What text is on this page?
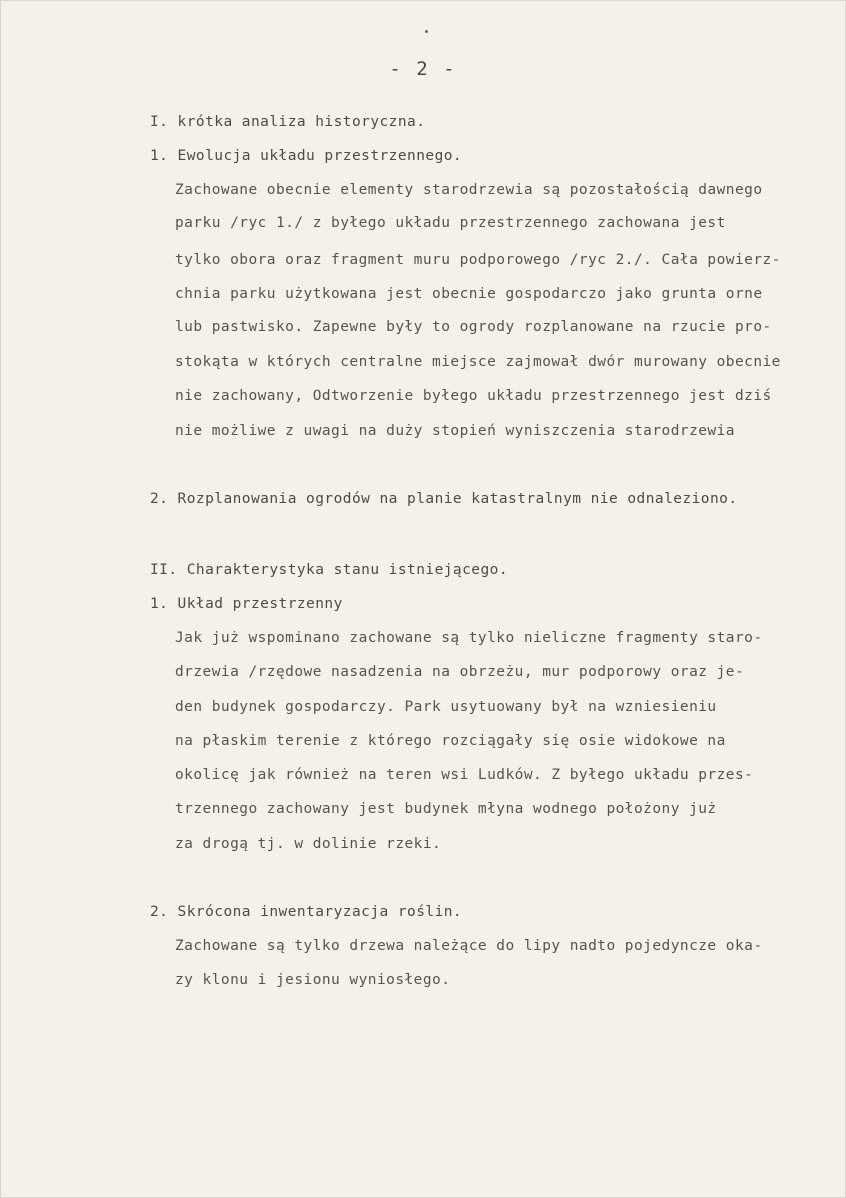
- 2 -
I. krótka analiza historyczna.
1. Ewolucja układu przestrzennego.
Zachowane obecnie elementy starodrzewia są pozostałością dawnego
parku /ryc 1./ z byłego układu przestrzennego zachowana jest
tylko obora oraz fragment muru podporowego /ryc 2./. Cała powierz-
chnia parku użytkowana jest obecnie gospodarczo jako grunta orne
lub pastwisko. Zapewne były to ogrody rozplanowane na rzucie pro-
stokąta w których centralne miejsce zajmował dwór murowany obecnie
nie zachowany, Odtworzenie byłego układu przestrzennego jest dziś
nie możliwe z uwagi na duży stopień wyniszczenia starodrzewia
2. Rozplanowania ogrodów na planie katastralnym nie odnaleziono.
II. Charakterystyka stanu istniejącego.
1. Układ przestrzenny
Jak już wspominano zachowane są tylko nieliczne fragmenty staro-
drzewia /rzędowe nasadzenia na obrzeżu, mur podporowy oraz je-
den budynek gospodarczy. Park usytuowany był na wzniesieniu
na płaskim terenie z którego rozciągały się osie widokowe na
okolicę jak również na teren wsi Ludków. Z byłego układu przes-
trzennego zachowany jest budynek młyna wodnego położony już
za drogą tj. w dolinie rzeki.
2. Skrócona inwentaryzacja roślin.
Zachowane są tylko drzewa należące do lipy nadto pojedyncze oka-
zy klonu i jesionu wyniosłego.
